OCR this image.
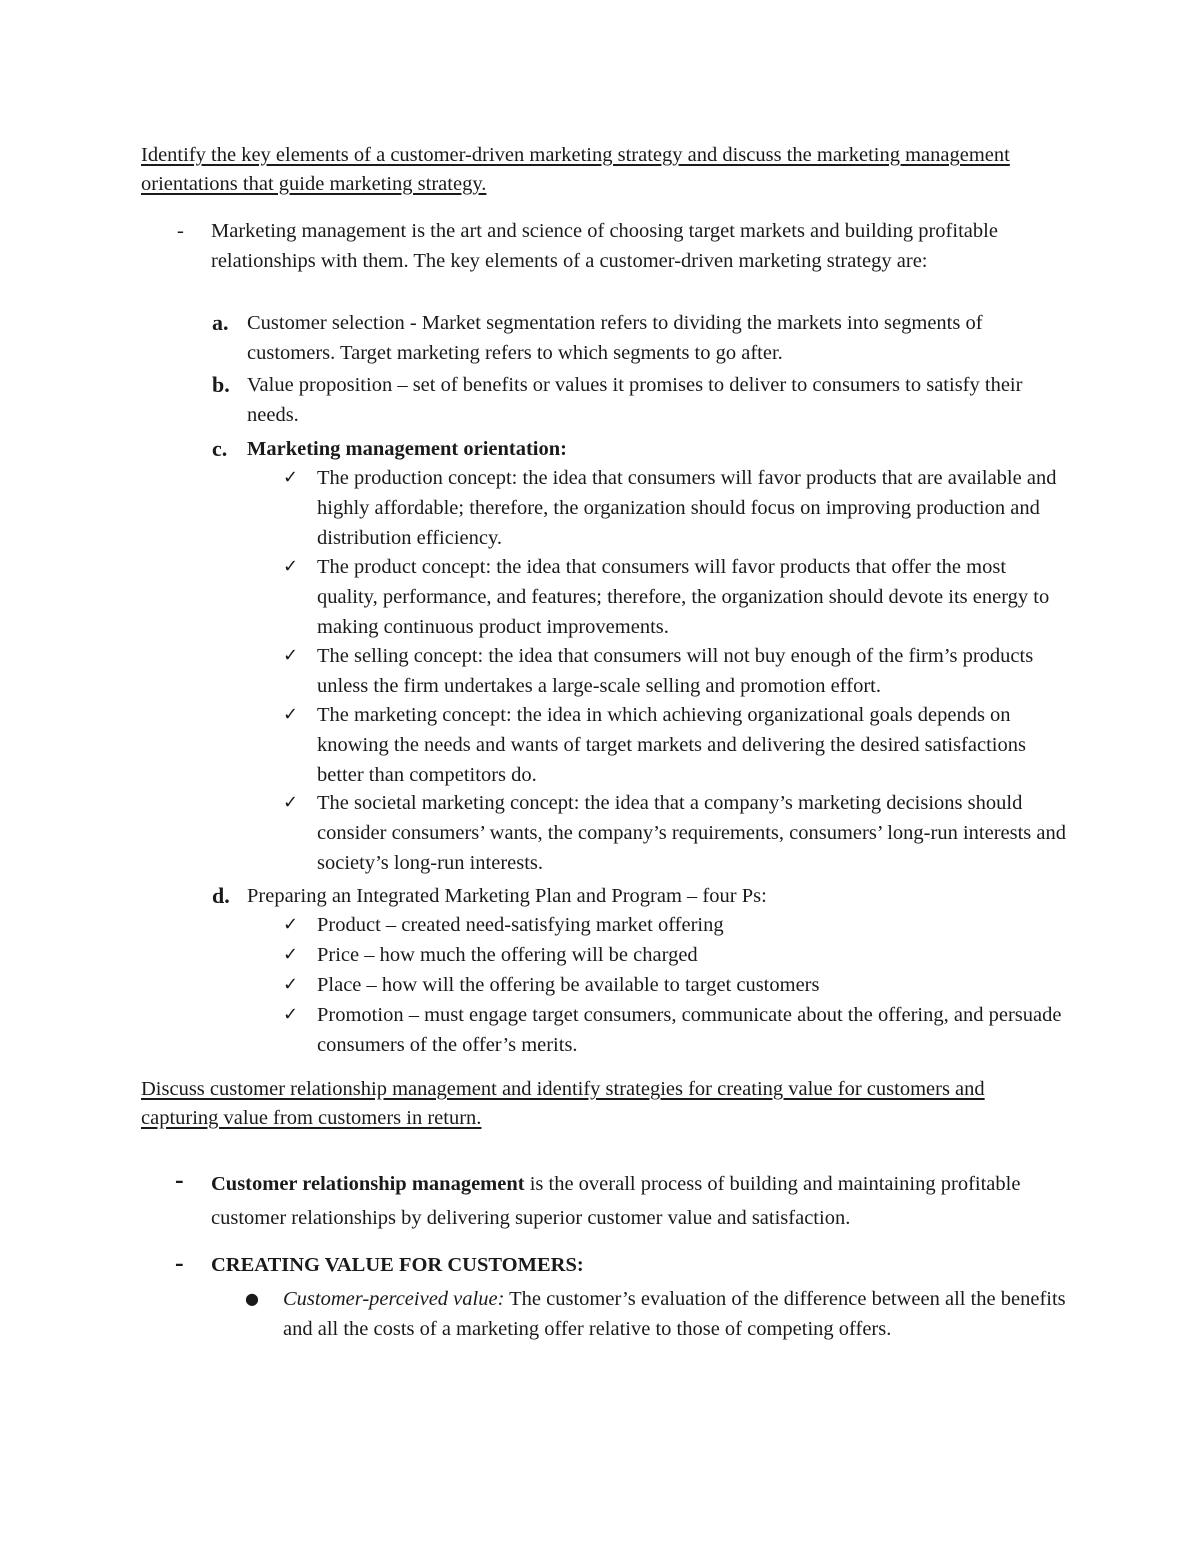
Identify the key elements of a customer-driven marketing strategy and discuss the marketing management orientations that guide marketing strategy.

- Marketing management is the art and science of choosing target markets and building profitable relationships with them. The key elements of a customer-driven marketing strategy are:
a. Customer selection - Market segmentation refers to dividing the markets into segments of customers. Target marketing refers to which segments to go after.
b. Value proposition – set of benefits or values it promises to deliver to consumers to satisfy their needs.
c. Marketing management orientation:
✓ The production concept: the idea that consumers will favor products that are available and highly affordable; therefore, the organization should focus on improving production and distribution efficiency.
✓ The product concept: the idea that consumers will favor products that offer the most quality, performance, and features; therefore, the organization should devote its energy to making continuous product improvements.
✓ The selling concept: the idea that consumers will not buy enough of the firm’s products unless the firm undertakes a large-scale selling and promotion effort.
✓ The marketing concept: the idea in which achieving organizational goals depends on knowing the needs and wants of target markets and delivering the desired satisfactions better than competitors do.
✓ The societal marketing concept: the idea that a company’s marketing decisions should consider consumers’ wants, the company’s requirements, consumers’ long-run interests and society’s long-run interests.
d. Preparing an Integrated Marketing Plan and Program – four Ps:
✓ Product – created need-satisfying market offering
✓ Price – how much the offering will be charged
✓ Place – how will the offering be available to target customers
✓ Promotion – must engage target consumers, communicate about the offering, and persuade consumers of the offer’s merits.

Discuss customer relationship management and identify strategies for creating value for customers and capturing value from customers in return.

- Customer relationship management is the overall process of building and maintaining profitable customer relationships by delivering superior customer value and satisfaction.
- CREATING VALUE FOR CUSTOMERS:
● Customer-perceived value: The customer’s evaluation of the difference between all the benefits and all the costs of a marketing offer relative to those of competing offers.
